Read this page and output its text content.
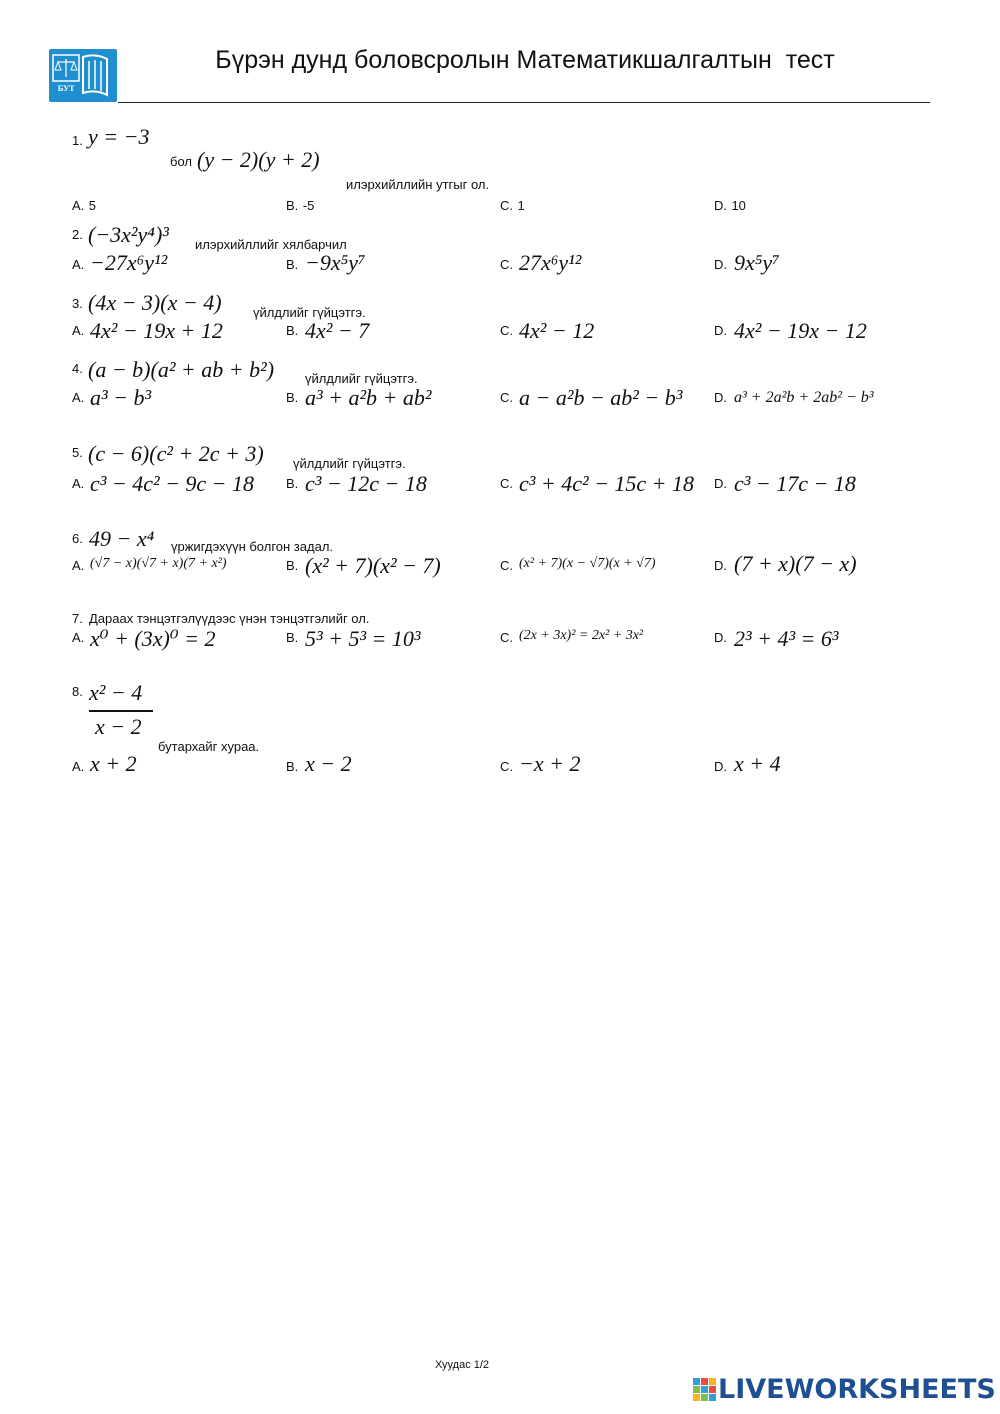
БУТ
Бүрэн дунд боловсролын Математикшалгалтын  тест
1. y = −3
бол (y − 2)(y + 2)
илэрхийллийн утгыг ол.
A. 5	B. -5	C. 1	D. 10
2. (−3x²y⁴)³ илэрхийллийг хялбарчил
A. −27x⁶y¹²	B. −9x⁵y⁷	C. 27x⁶y¹²	D. 9x⁵y⁷
3. (4x − 3)(x − 4) үйлдлийг гүйцэтгэ.
A. 4x² − 19x + 12	B. 4x² − 7	C. 4x² − 12	D. 4x² − 19x − 12
4. (a − b)(a² + ab + b²) үйлдлийг гүйцэтгэ.
A. a³ − b³	B. a³ + a²b + ab²	C. a − a²b − ab² − b³ D. a³ + 2a²b + 2ab² − b³
5. (c − 6)(c² + 2c + 3) үйлдлийг гүйцэтгэ.
A. c³ − 4c² − 9c − 18 B. c³ − 12c − 18	C. c³ + 4c² − 15c + 18 D. c³ − 17c − 18
6. 49 − x⁴ үржигдэхүүн болгон задал.
A. (√7 − x)(√7 + x)(7 + x²)	B. (x² + 7)(x² − 7)	C. (x² + 7)(x − √7)(x + √7)	D. (7 + x)(7 − x)
7. Дараах тэнцэтгэлүүдээс үнэн тэнцэтгэлийг ол.
A. x⁰ + (3x)⁰ = 2	B. 5³ + 5³ = 10³	C. (2x + 3x)² = 2x² + 3x²	D. 2³ + 4³ = 6³
8. x² − 4
x − 2
бутархайг хураа.
A. x + 2	B. x − 2	C. −x + 2	D. x + 4
Хуудас 1/2
LIVEWORKSHEETS
